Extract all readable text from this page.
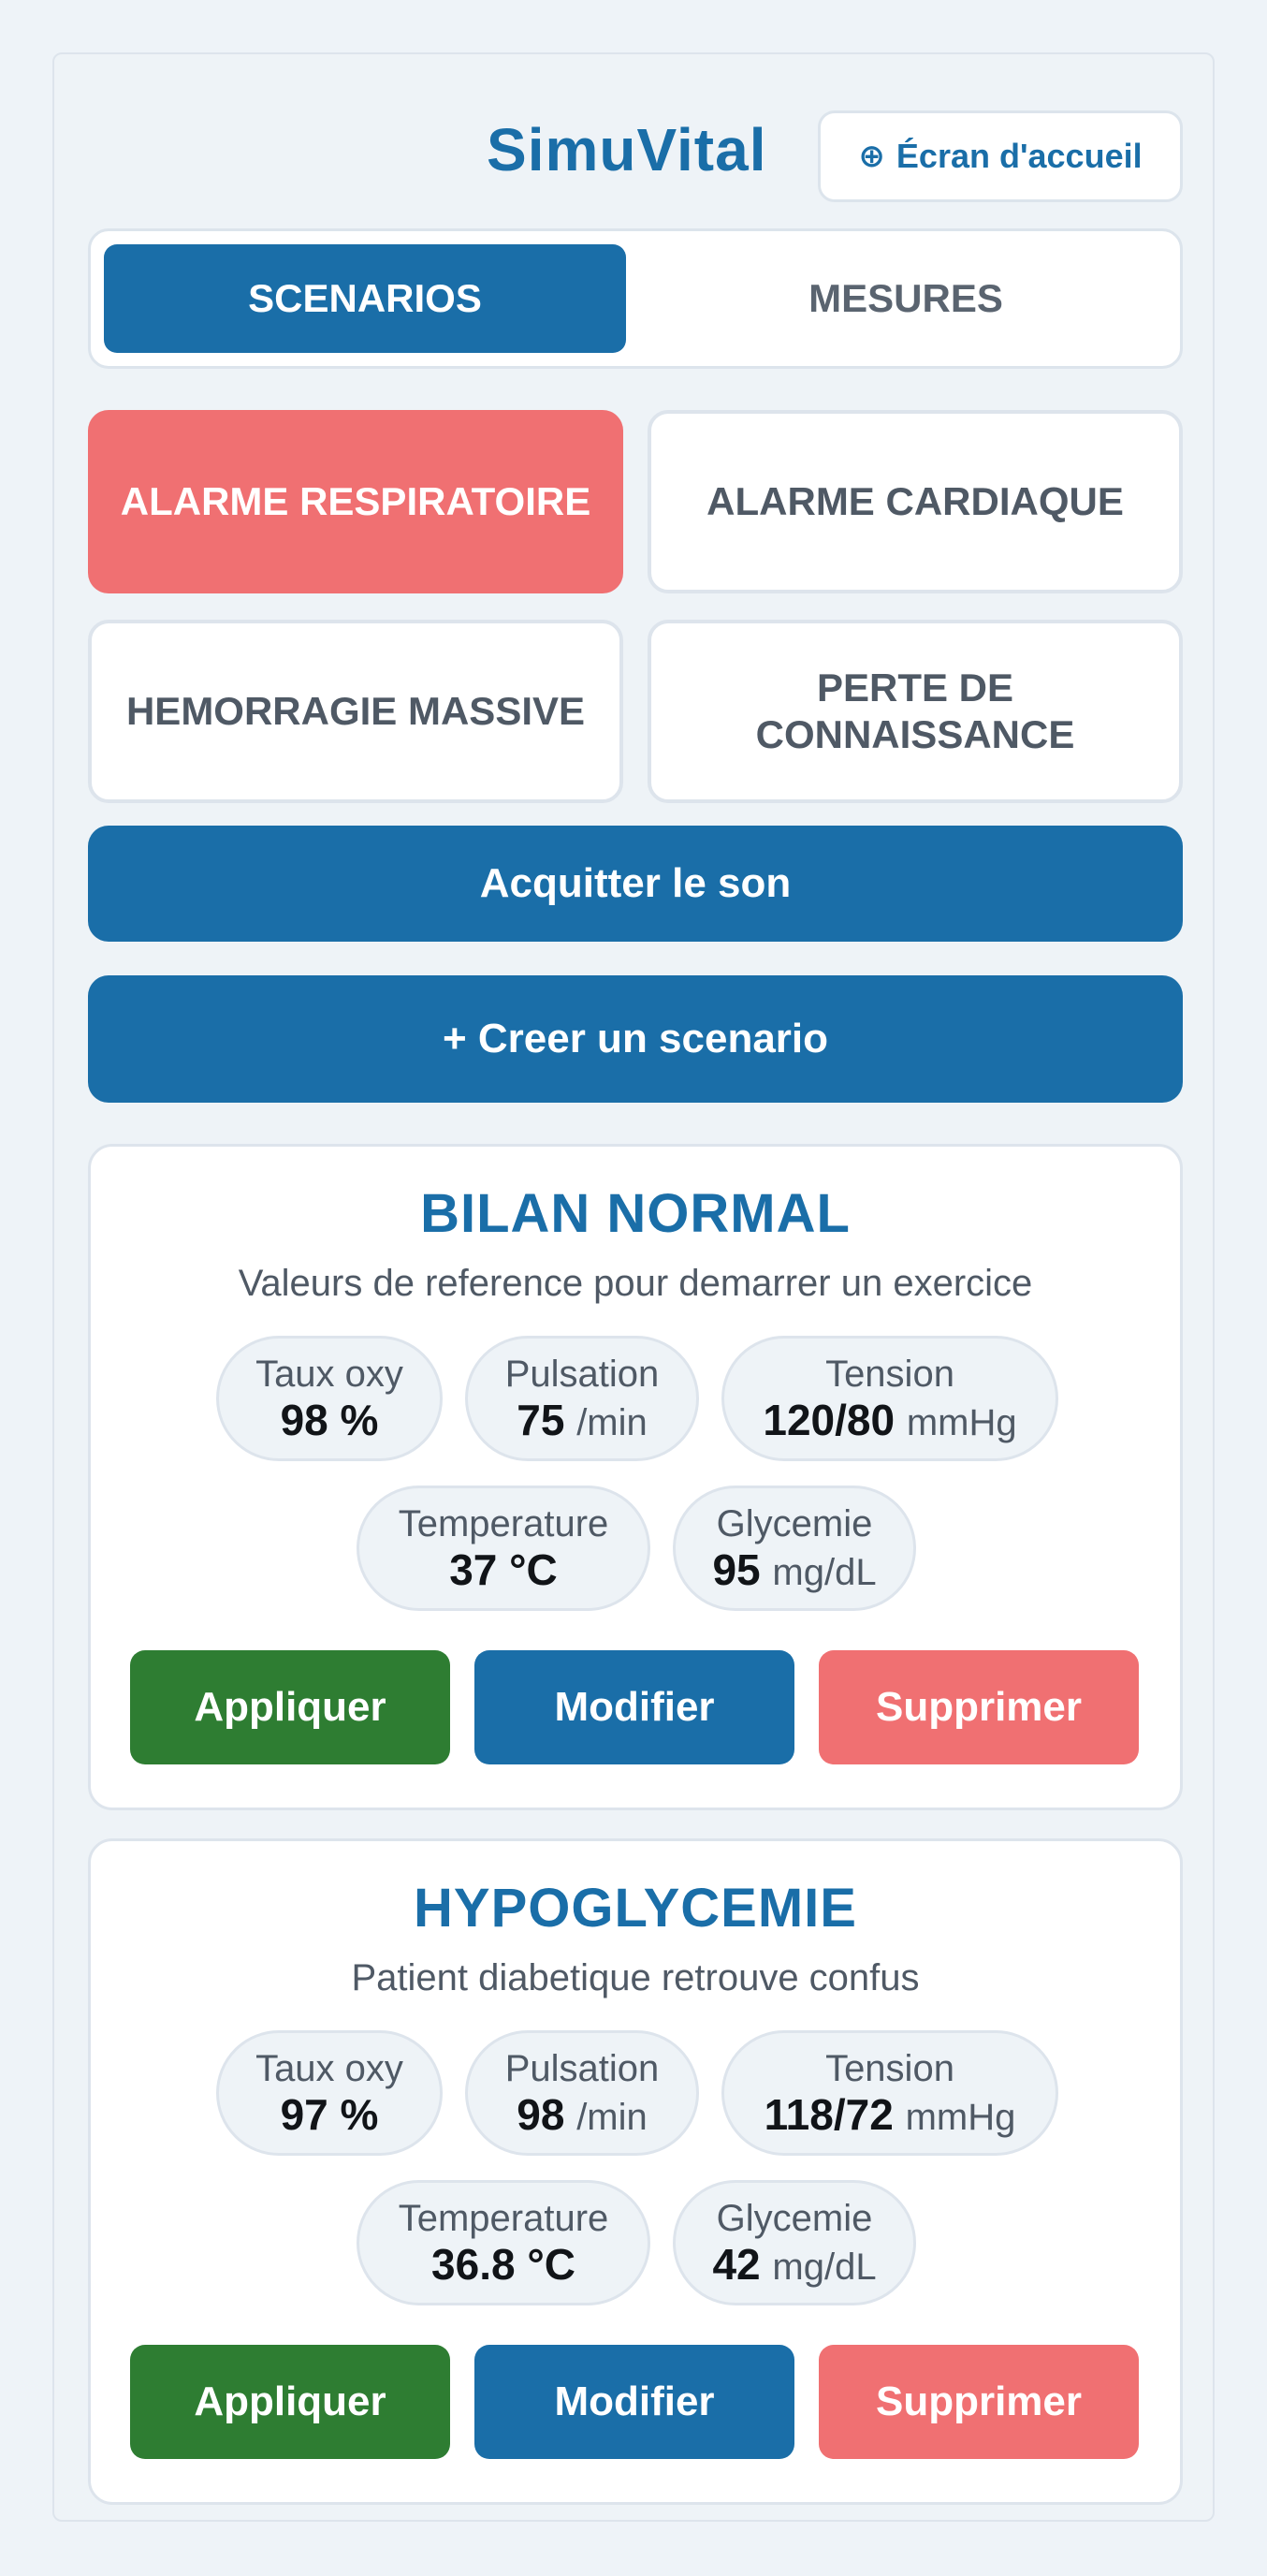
SimuVital	⊕ Écran d'accueil
SCENARIOS	MESURES
ALARME RESPIRATOIRE	ALARME CARDIAQUE
HEMORRAGIE MASSIVE
PERTE DE CONNAISSANCE
Acquitter le son
+ Creer un scenario
BILAN NORMAL
Valeurs de reference pour demarrer un exercice
Taux oxy
98 %
Pulsation
75 /min
Tension
120/80 mmHg
Temperature
37 °C
Glycemie
95 mg/dL
Appliquer	Modifier	Supprimer
HYPOGLYCEMIE
Patient diabetique retrouve confus
Taux oxy
97 %
Pulsation
98 /min
Tension
118/72 mmHg
Temperature
36.8 °C
Glycemie
42 mg/dL
Appliquer	Modifier	Supprimer
